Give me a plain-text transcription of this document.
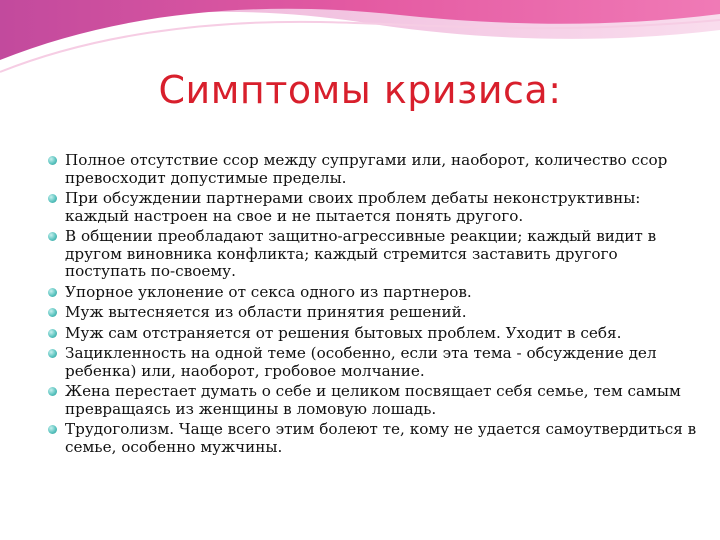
Симптомы кризиса:
Полное отсутствие ссор между супругами или, наоборот, количество ссор превосходит допустимые пределы.
При обсуждении партнерами своих проблем дебаты неконструктивны: каждый настроен на свое и не пытается понять другого.
В общении преобладают защитно-агрессивные реакции; каждый видит в другом виновника конфликта; каждый стремится заставить другого поступать по-своему.
Упорное уклонение от секса одного из партнеров.
Муж вытесняется из области принятия решений.
Муж сам отстраняется от решения бытовых проблем. Уходит в себя.
Зацикленность на одной теме (особенно, если эта тема - обсуждение дел ребенка) или, наоборот, гробовое молчание.
Жена перестает думать о себе и целиком посвящает себя семье, тем самым превращаясь из женщины в ломовую лошадь.
Трудоголизм. Чаще всего этим болеют те, кому не удается самоутвердиться в семье, особенно мужчины.
